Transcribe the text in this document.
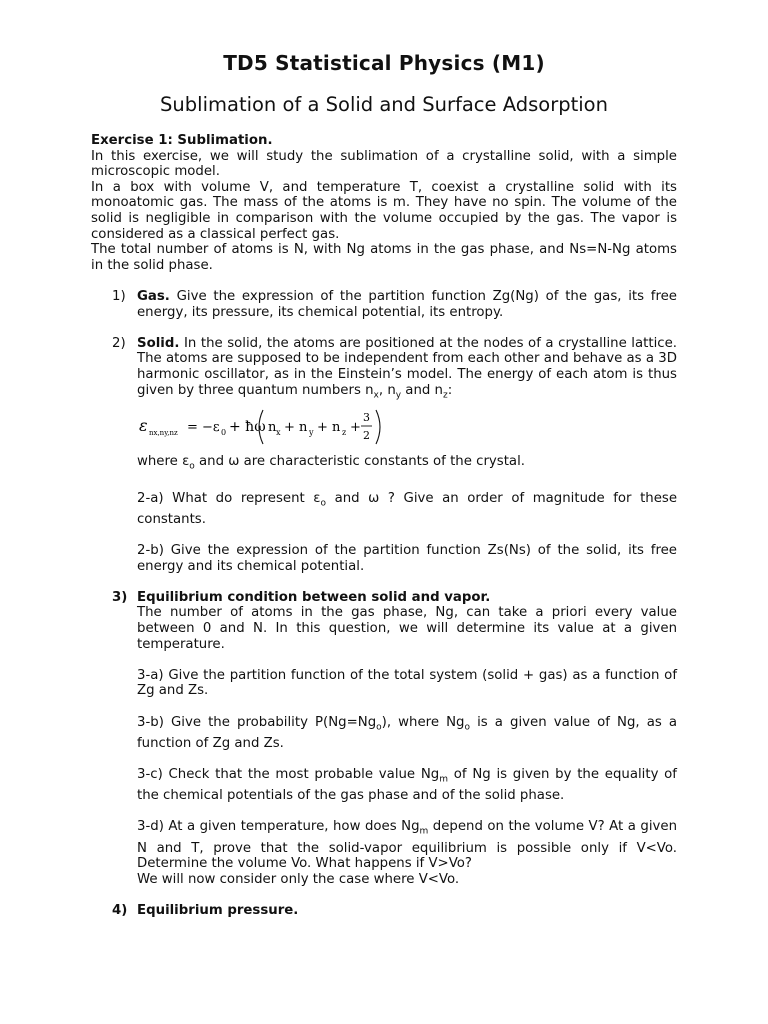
TD5 Statistical Physics (M1)
Sublimation of a Solid and Surface Adsorption

Exercise 1: Sublimation.

In this exercise, we will study the sublimation of a crystalline solid, with a simple microscopic model.

In a box with volume V, and temperature T, coexist a crystalline solid with its monoatomic gas. The mass of the atoms is m. They have no spin. The volume of the solid is negligible in comparison with the volume occupied by the gas. The vapor is considered as a classical perfect gas.

The total number of atoms is N, with Ng atoms in the gas phase, and Ns=N-Ng atoms in the solid phase.

1) Gas. Give the expression of the partition function Zg(Ng) of the gas, its free energy, its pressure, its chemical potential, its entropy.

2) Solid. In the solid, the atoms are positioned at the nodes of a crystalline lattice. The atoms are supposed to be independent from each other and behave as a 3D harmonic oscillator, as in the Einstein’s model. The energy of each atom is thus given by three quantum numbers $n_x$, $n_y$ and $n_z$:

ε nx,ny,nz = −ε 0 + ħω n x + n y + n z +
3
2

where $\varepsilon_o$ and ω are characteristic constants of the crystal.

2-a) What do represent $\varepsilon_o$ and ω ? Give an order of magnitude for these constants.

2-b) Give the expression of the partition function Zs(Ns) of the solid, its free energy and its chemical potential.

3) Equilibrium condition between solid and vapor.

The number of atoms in the gas phase, Ng, can take a priori every value between 0 and N. In this question, we will determine its value at a given temperature.

3-a) Give the partition function of the total system (solid + gas) as a function of Zg and Zs.

3-b) Give the probability $P(Ng=Ng_o)$, where $Ng_o$ is a given value of Ng, as a function of Zg and Zs.

3-c) Check that the most probable value $Ng_m$ of Ng is given by the equality of the chemical potentials of the gas phase and of the solid phase.

3-d) At a given temperature, how does $Ng_m$ depend on the volume V? At a given N and T, prove that the solid-vapor equilibrium is possible only if V<Vo. Determine the volume Vo. What happens if V>Vo?

We will now consider only the case where V<Vo.

4) Equilibrium pressure.
